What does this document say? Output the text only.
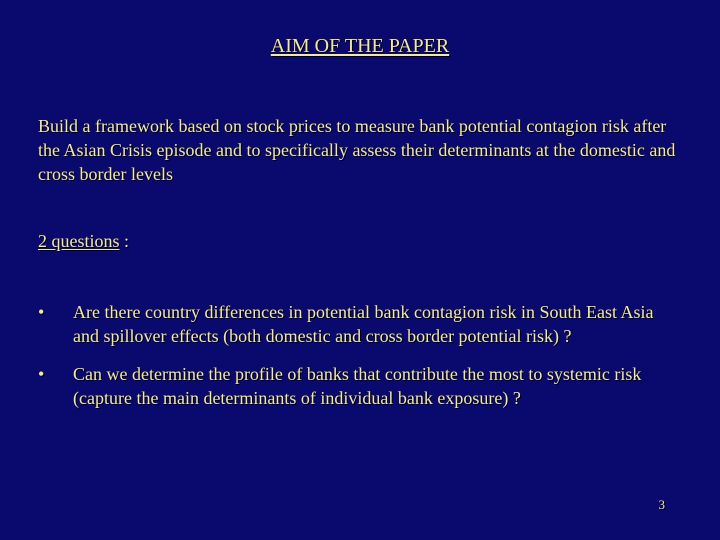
AIM OF THE PAPER
Build a framework based on stock prices to measure bank potential contagion risk after the Asian Crisis episode and to specifically assess their determinants at the domestic and cross border levels
2 questions :
•	Are there country differences in potential bank contagion risk in South East Asia and spillover effects (both domestic and cross border potential risk) ?
•	Can we determine the profile of banks that contribute the most to systemic risk (capture the main determinants of individual bank exposure) ?
3
